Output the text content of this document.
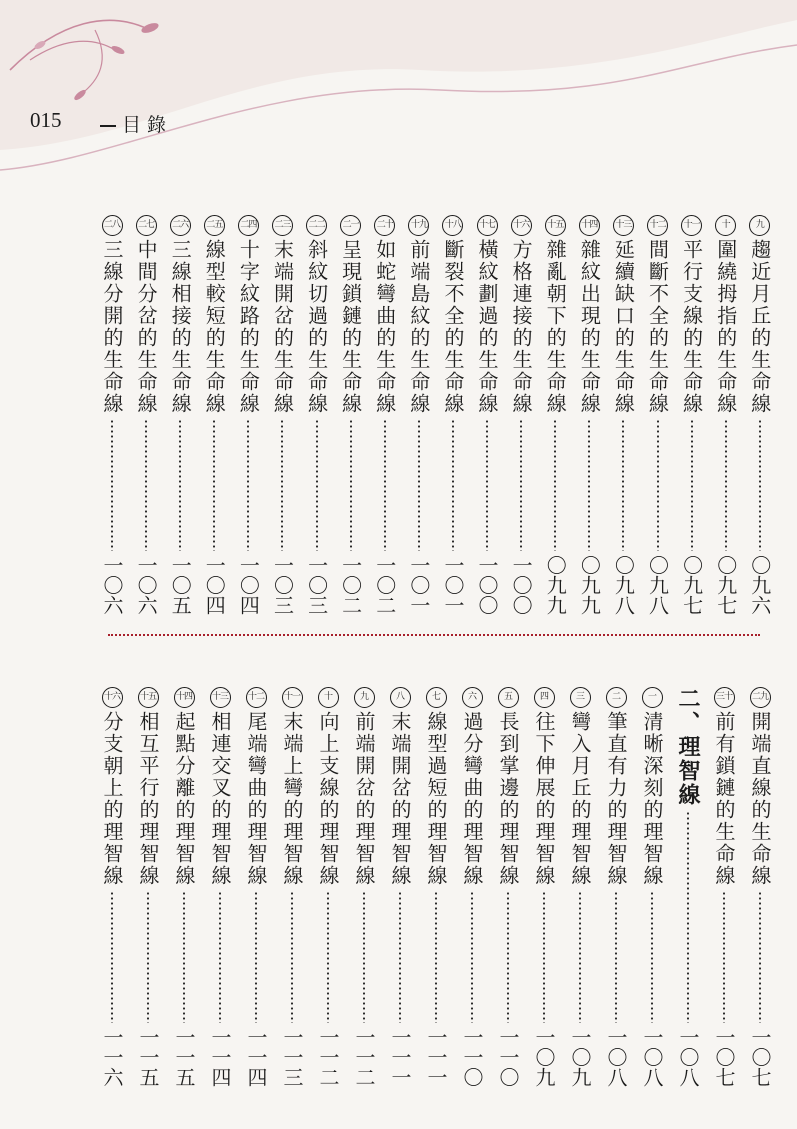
015	目錄
九
趨近月丘的生命線
〇九六
十
圍繞拇指的生命線
〇九七
十一
平行支線的生命線
〇九七
十二
間斷不全的生命線
〇九八
十三
延續缺口的生命線
〇九八
十四
雜紋出現的生命線
〇九九
十五
雜亂朝下的生命線
〇九九
十六
方格連接的生命線
一〇〇
十七
橫紋劃過的生命線
一〇〇
十八
斷裂不全的生命線
一〇一
十九
前端島紋的生命線
一〇一
二十
如蛇彎曲的生命線
一〇二
二一
呈現鎖鏈的生命線
一〇二
二二
斜紋切過的生命線
一〇三
二三
末端開岔的生命線
一〇三
二四
十字紋路的生命線
一〇四
二五
線型較短的生命線
一〇四
二六
三線相接的生命線
一〇五
二七
中間分岔的生命線
一〇六
二八
三線分開的生命線
一〇六
二九
開端直線的生命線
一〇七
三十
前有鎖鏈的生命線
一〇七
二、理智線
一〇八
一
清晰深刻的理智線
一〇八
二
筆直有力的理智線
一〇八
三
彎入月丘的理智線
一〇九
四
往下伸展的理智線
一〇九
五
長到掌邊的理智線
一一〇
六
過分彎曲的理智線
一一〇
七
線型過短的理智線
一一一
八
末端開岔的理智線
一一一
九
前端開岔的理智線
一一二
十
向上支線的理智線
一一二
十一
末端上彎的理智線
一一三
十二
尾端彎曲的理智線
一一四
十三
相連交叉的理智線
一一四
十四
起點分離的理智線
一一五
十五
相互平行的理智線
一一五
十六
分支朝上的理智線
一一六
